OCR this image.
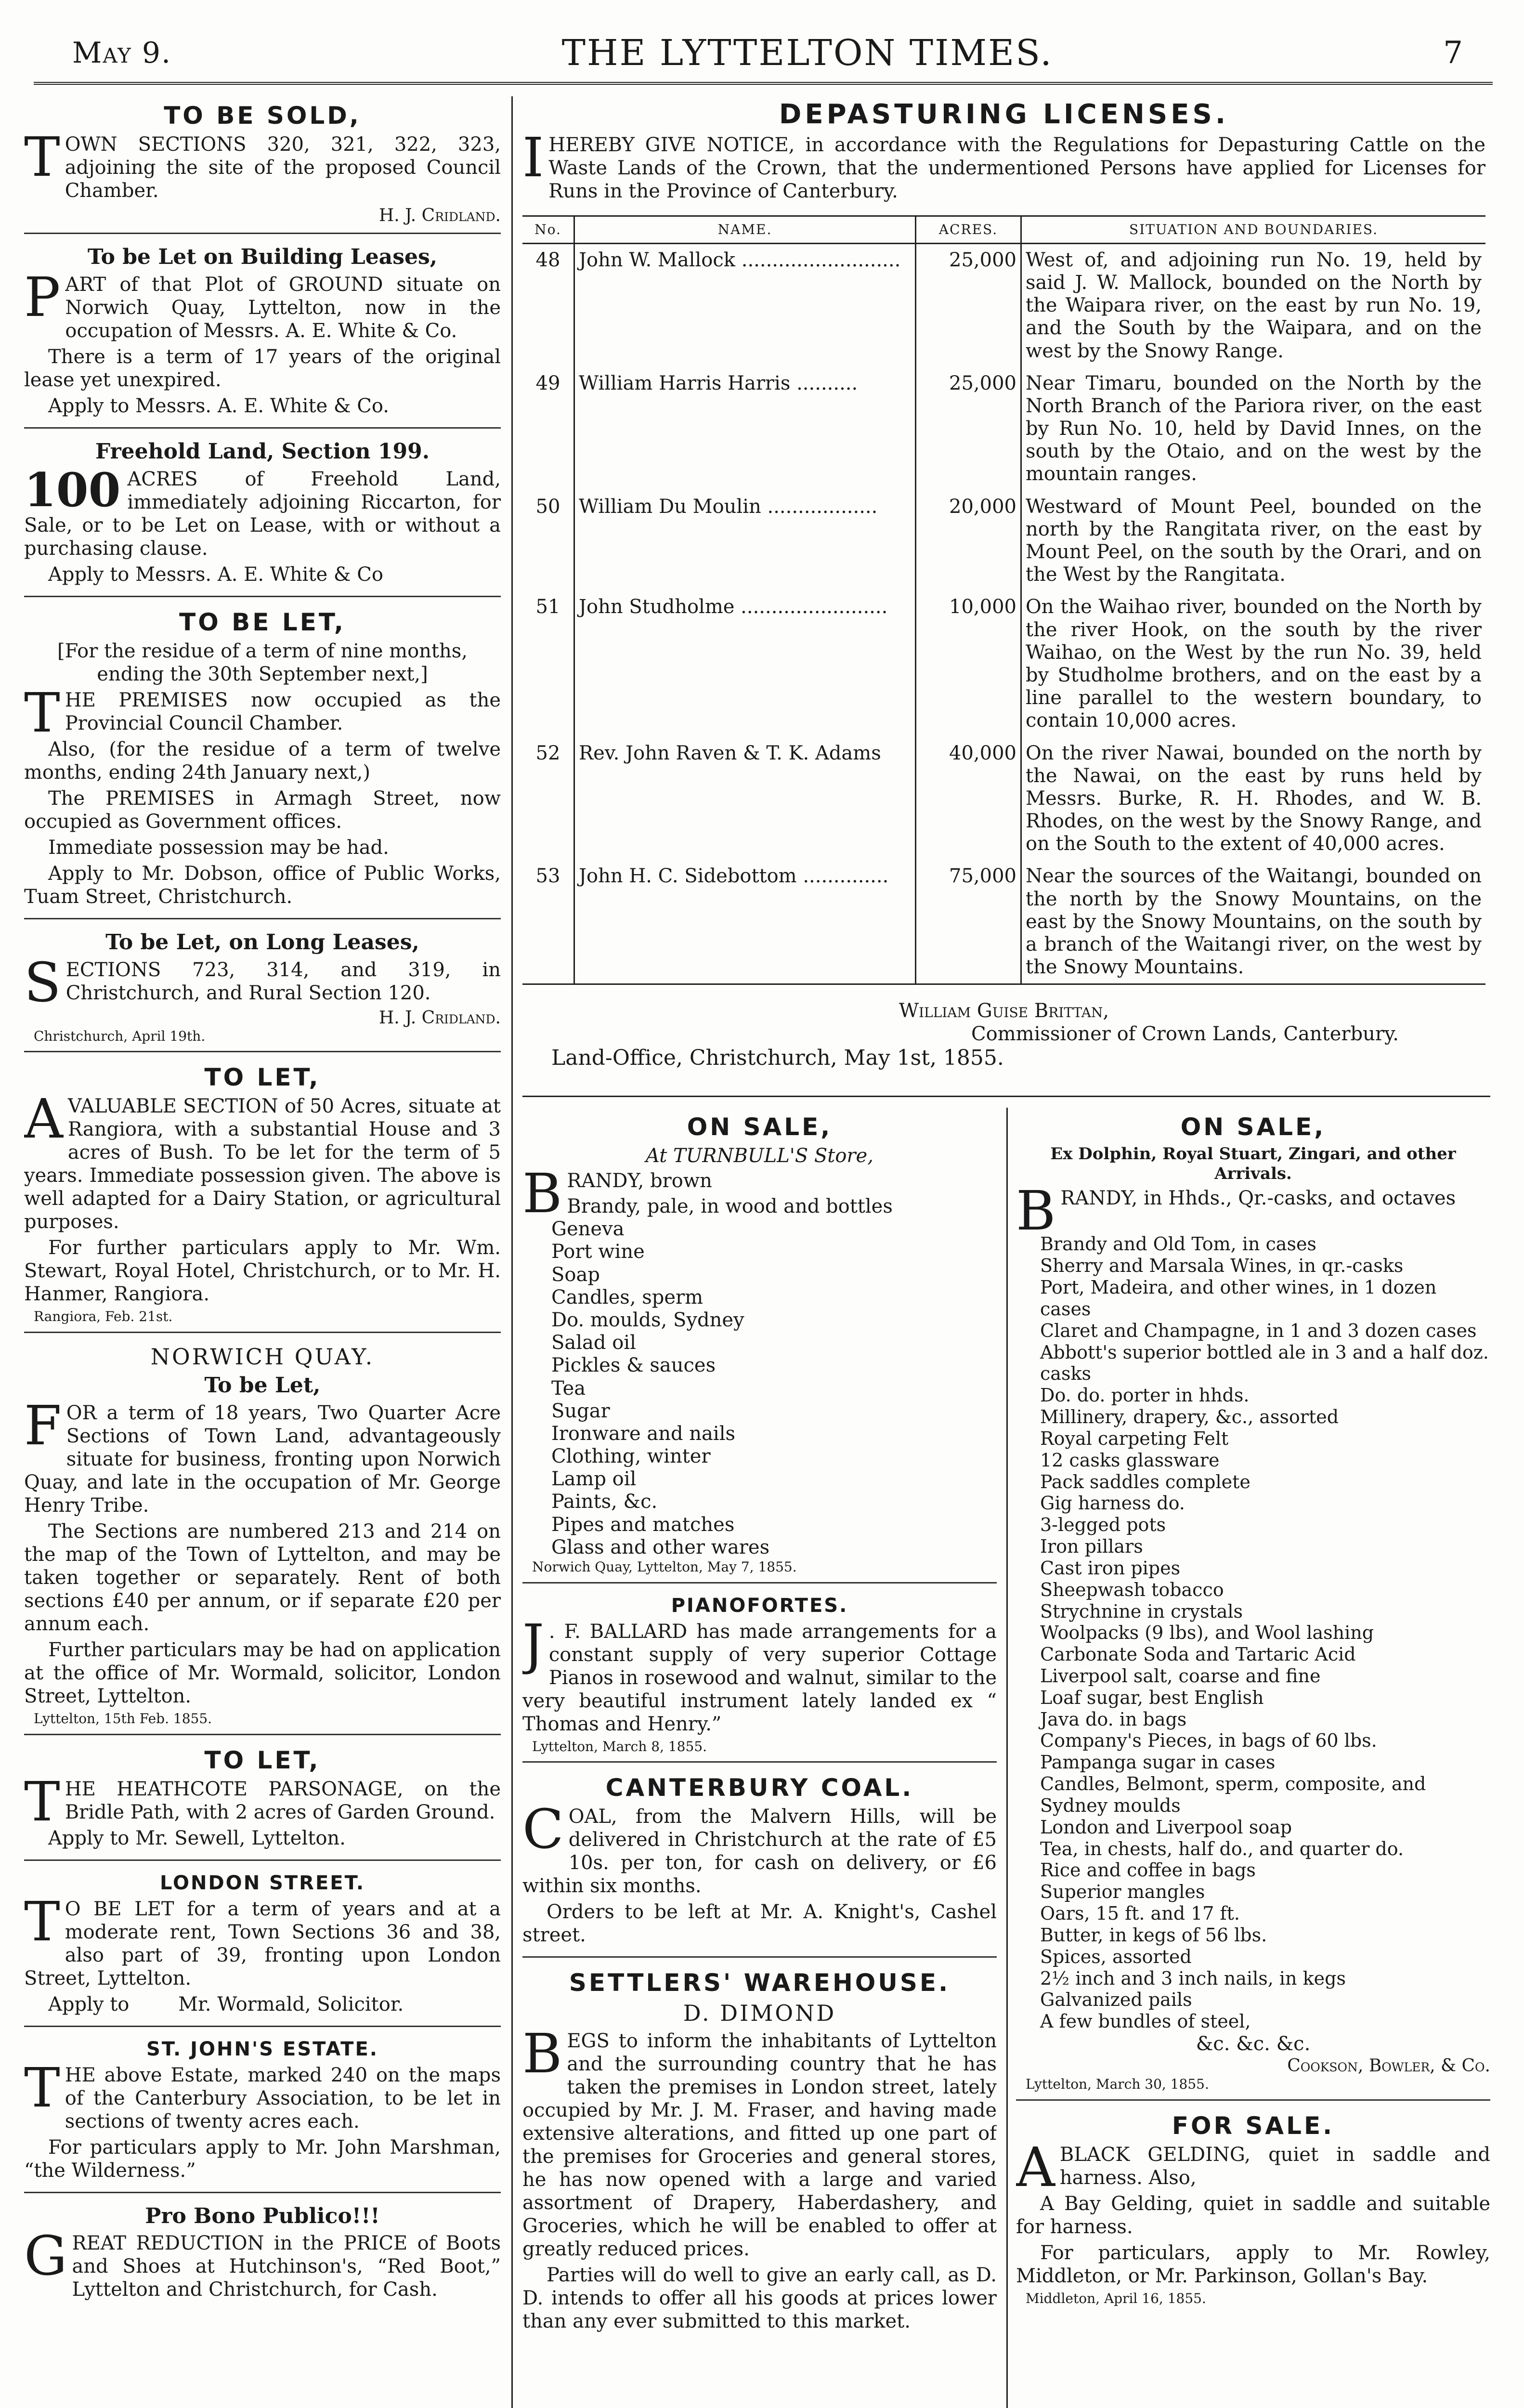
May 9.	THE LYTTELTON TIMES.	7
TO BE SOLD,

TOWN SECTIONS 320, 321, 322, 323, adjoining the site of the proposed Council Chamber.

H. J. Cridland.
To be Let on Building Leases,

PART of that Plot of GROUND situate on Norwich Quay, Lyttelton, now in the occupation of Messrs. A. E. White & Co.

There is a term of 17 years of the original lease yet unexpired.

Apply to Messrs. A. E. White & Co.

Freehold Land, Section 199.

100 ACRES of Freehold Land, immediately adjoining Riccarton, for Sale, or to be Let on Lease, with or without a purchasing clause.

Apply to Messrs. A. E. White & Co

TO BE LET,

[For the residue of a term of nine months, ending the 30th September next,]

THE PREMISES now occupied as the Provincial Council Chamber.

Also, (for the residue of a term of twelve months, ending 24th January next,)

The PREMISES in Armagh Street, now occupied as Government offices.

Immediate possession may be had.

Apply to Mr. Dobson, office of Public Works, Tuam Street, Christchurch.

To be Let, on Long Leases,

SECTIONS 723, 314, and 319, in Christchurch, and Rural Section 120.

H. J. Cridland.
Christchurch, April 19th.
TO LET,

AVALUABLE SECTION of 50 Acres, situate at Rangiora, with a substantial House and 3 acres of Bush. To be let for the term of 5 years. Immediate possession given. The above is well adapted for a Dairy Station, or agricultural purposes.

For further particulars apply to Mr. Wm. Stewart, Royal Hotel, Christchurch, or to Mr. H. Hanmer, Rangiora.

Rangiora, Feb. 21st.
NORWICH QUAY.
To be Let,

FOR a term of 18 years, Two Quarter Acre Sections of Town Land, advantageously situate for business, fronting upon Norwich Quay, and late in the occupation of Mr. George Henry Tribe.

The Sections are numbered 213 and 214 on the map of the Town of Lyttelton, and may be taken together or separately. Rent of both sections £40 per annum, or if separate £20 per annum each.

Further particulars may be had on application at the office of Mr. Wormald, solicitor, London Street, Lyttelton.

Lyttelton, 15th Feb. 1855.
TO LET,

THE HEATHCOTE PARSONAGE, on the Bridle Path, with 2 acres of Garden Ground.

Apply to Mr. Sewell, Lyttelton.

LONDON STREET.

T O BE LET for a term of years and at a moderate rent, Town Sections 36 and 38, also part of 39, fronting upon London Street, Lyttelton.

Apply to	Mr. Wormald, Solicitor.

ST. JOHN'S ESTATE.

THE above Estate, marked 240 on the maps of the Canterbury Association, to be let in sections of twenty acres each.

For particulars apply to Mr. John Marshman, “the Wilderness.”

Pro Bono Publico!!!

GREAT REDUCTION in the PRICE of Boots and Shoes at Hutchinson's, “Red Boot,” Lyttelton and Christchurch, for Cash.

DEPASTURING LICENSES.

IHEREBY GIVE NOTICE, in accordance with the Regulations for Depasturing Cattle on the Waste Lands of the Crown, that the undermentioned Persons have applied for Licenses for Runs in the Province of Canterbury.

No.	NAME.	ACRES.	SITUATION AND BOUNDARIES.
48	John W. Mallock ..........................	25,000	West of, and adjoining run No. 19, held by said J. W. Mallock, bounded on the North by the Waipara river, on the east by run No. 19, and the South by the Waipara, and on the west by the Snowy Range.
49	William Harris Harris ..........	25,000	Near Timaru, bounded on the North by the North Branch of the Pariora river, on the east by Run No. 10, held by David Innes, on the south by the Otaio, and on the west by the mountain ranges.
50	William Du Moulin ..................	20,000	Westward of Mount Peel, bounded on the north by the Rangitata river, on the east by Mount Peel, on the south by the Orari, and on the West by the Rangitata.
51	John Studholme ........................	10,000	On the Waihao river, bounded on the North by the river Hook, on the south by the river Waihao, on the West by the run No. 39, held by Studholme brothers, and on the east by a line parallel to the western boundary, to contain 10,000 acres.
52	Rev. John Raven & T. K. Adams	40,000	On the river Nawai, bounded on the north by the Nawai, on the east by runs held by Messrs. Burke, R. H. Rhodes, and W. B. Rhodes, on the west by the Snowy Range, and on the South to the extent of 40,000 acres.
53	John H. C. Sidebottom ..............	75,000	Near the sources of the Waitangi, bounded on the north by the Snowy Mountains, on the east by the Snowy Mountains, on the south by a branch of the Waitangi river, on the west by the Snowy Mountains.
William Guise Brittan,
Commissioner of Crown Lands, Canterbury.
Land-Office, Christchurch, May 1st, 1855.
ON SALE,
At TURNBULL'S Store,

BRANDY, brown

Brandy, pale, in wood and bottles
Geneva
Port wine
Soap
Candles, sperm
Do. moulds, Sydney
Salad oil
Pickles & sauces
Tea
Sugar
Ironware and nails
Clothing, winter
Lamp oil
Paints, &c.
Pipes and matches
Glass and other wares
Norwich Quay, Lyttelton, May 7, 1855.
PIANOFORTES.

J . F. BALLARD has made arrangements for a constant supply of very superior Cottage Pianos in rosewood and walnut, similar to the very beautiful instrument lately landed ex “ Thomas and Henry.”

Lyttelton, March 8, 1855.
CANTERBURY COAL.

COAL, from the Malvern Hills, will be delivered in Christchurch at the rate of £5 10s. per ton, for cash on delivery, or £6 within six months.

Orders to be left at Mr. A. Knight's, Cashel street.

SETTLERS' WAREHOUSE.
D. DIMOND

BEGS to inform the inhabitants of Lyttelton and the surrounding country that he has taken the premises in London street, lately occupied by Mr. J. M. Fraser, and having made extensive alterations, and fitted up one part of the premises for Groceries and general stores, he has now opened with a large and varied assortment of Drapery, Haberdashery, and Groceries, which he will be enabled to offer at greatly reduced prices.

Parties will do well to give an early call, as D. D. intends to offer all his goods at prices lower than any ever submitted to this market.

ON SALE,
Ex Dolphin, Royal Stuart, Zingari, and other Arrivals.

BRANDY, in Hhds., Qr.-casks, and octaves

Brandy and Old Tom, in cases
Sherry and Marsala Wines, in qr.-casks
Port, Madeira, and other wines, in 1 dozen cases
Claret and Champagne, in 1 and 3 dozen cases
Abbott's superior bottled ale in 3 and a half doz. casks
Do. do. porter in hhds.
Millinery, drapery, &c., assorted
Royal carpeting Felt
12 casks glassware
Pack saddles complete
Gig harness do.
3-legged pots
Iron pillars
Cast iron pipes
Sheepwash tobacco
Strychnine in crystals
Woolpacks (9 lbs), and Wool lashing
Carbonate Soda and Tartaric Acid
Liverpool salt, coarse and fine
Loaf sugar, best English
Java do. in bags
Company's Pieces, in bags of 60 lbs.
Pampanga sugar in cases
Candles, Belmont, sperm, composite, and Sydney moulds
London and Liverpool soap
Tea, in chests, half do., and quarter do.
Rice and coffee in bags
Superior mangles
Oars, 15 ft. and 17 ft.
Butter, in kegs of 56 lbs.
Spices, assorted
2½ inch and 3 inch nails, in kegs
Galvanized pails
A few bundles of steel,
&c. &c. &c.
Cookson, Bowler, & Co.
Lyttelton, March 30, 1855.
FOR SALE.

ABLACK GELDING, quiet in saddle and harness. Also,

A Bay Gelding, quiet in saddle and suitable for harness.

For particulars, apply to Mr. Rowley, Middleton, or Mr. Parkinson, Gollan's Bay.

Middleton, April 16, 1855.
